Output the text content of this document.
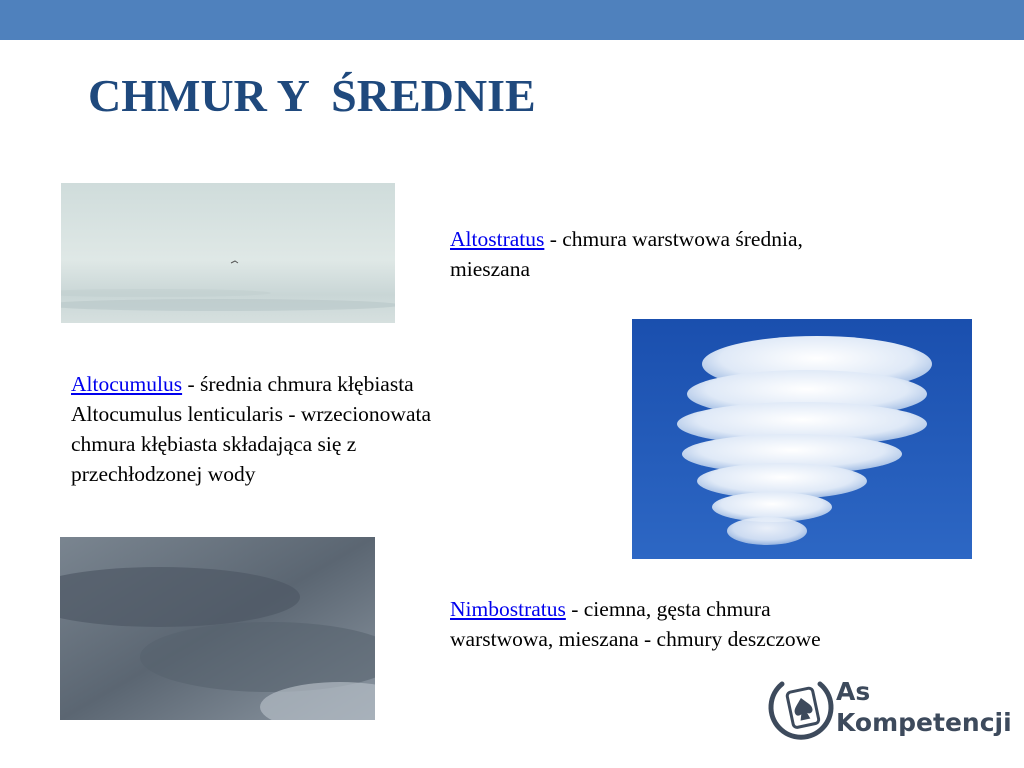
CHMUR Y  ŚREDNIE
Altostratus - chmura warstwowa średnia,
mieszana
Altocumulus - średnia chmura kłębiasta
Altocumulus lenticularis - wrzecionowata
chmura kłębiasta składająca się z
przechłodzonej wody
Nimbostratus - ciemna, gęsta chmura
warstwowa, mieszana - chmury deszczowe
As
Kompetencji
